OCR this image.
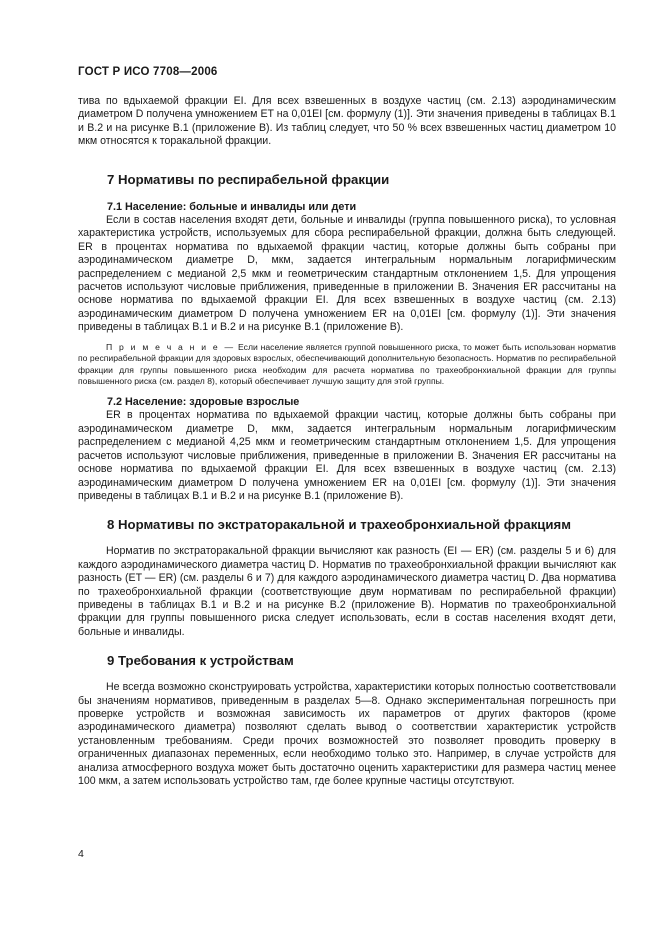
ГОСТ Р ИСО 7708—2006

тива по вдыхаемой фракции EI. Для всех взвешенных в воздухе частиц (см. 2.13) аэродинамическим диаметром D получена умножением ET на 0,01EI [см. формулу (1)]. Эти значения приведены в таблицах В.1 и В.2 и на рисунке В.1 (приложение В). Из таблиц следует, что 50 % всех взвешенных частиц диаметром 10 мкм относятся к торакальной фракции.

7 Нормативы по респирабельной фракции
7.1 Население: больные и инвалиды или дети

Если в состав населения входят дети, больные и инвалиды (группа повышенного риска), то условная характеристика устройств, используемых для сбора респирабельной фракции, должна быть следующей. ER в процентах норматива по вдыхаемой фракции частиц, которые должны быть собраны при аэродинамическом диаметре D, мкм, задается интегральным нормальным логарифмическим распределением с медианой 2,5 мкм и геометрическим стандартным отклонением 1,5. Для упрощения расчетов используют числовые приближения, приведенные в приложении В. Значения ER рассчитаны на основе норматива по вдыхаемой фракции EI. Для всех взвешенных в воздухе частиц (см. 2.13) аэродинамическим диаметром D получена умножением ER на 0,01EI [см. формулу (1)]. Эти значения приведены в таблицах В.1 и В.2 и на рисунке В.1 (приложение В).

П р и м е ч а н и е — Если население является группой повышенного риска, то может быть использован норматив по респирабельной фракции для здоровых взрослых, обеспечивающий дополнительную безопасность. Норматив по респирабельной фракции для группы повышенного риска необходим для расчета норматива по трахеобронхиальной фракции для группы повышенного риска (см. раздел 8), который обеспечивает лучшую защиту для этой группы.

7.2 Население: здоровые взрослые

ER в процентах норматива по вдыхаемой фракции частиц, которые должны быть собраны при аэродинамическом диаметре D, мкм, задается интегральным нормальным логарифмическим распределением с медианой 4,25 мкм и геометрическим стандартным отклонением 1,5. Для упрощения расчетов используют числовые приближения, приведенные в приложении В. Значения ER рассчитаны на основе норматива по вдыхаемой фракции EI. Для всех взвешенных в воздухе частиц (см. 2.13) аэродинамическим диаметром D получена умножением ER на 0,01EI [см. формулу (1)]. Эти значения приведены в таблицах В.1 и В.2 и на рисунке В.1 (приложение В).

8 Нормативы по экстраторакальной и трахеобронхиальной фракциям

Норматив по экстраторакальной фракции вычисляют как разность (EI — ER) (см. разделы 5 и 6) для каждого аэродинамического диаметра частиц D. Норматив по трахеобронхиальной фракции вычисляют как разность (ET — ER) (см. разделы 6 и 7) для каждого аэродинамического диаметра частиц D. Два норматива по трахеобронхиальной фракции (соответствующие двум нормативам по респирабельной фракции) приведены в таблицах В.1 и В.2 и на рисунке В.2 (приложение В). Норматив по трахеобронхиальной фракции для группы повышенного риска следует использовать, если в состав населения входят дети, больные и инвалиды.

9 Требования к устройствам

Не всегда возможно сконструировать устройства, характеристики которых полностью соответствовали бы значениям нормативов, приведенным в разделах 5—8. Однако экспериментальная погрешность при проверке устройств и возможная зависимость их параметров от других факторов (кроме аэродинамического диаметра) позволяют сделать вывод о соответствии характеристик устройств установленным требованиям. Среди прочих возможностей это позволяет проводить проверку в ограниченных диапазонах переменных, если необходимо только это. Например, в случае устройств для анализа атмосферного воздуха может быть достаточно оценить характеристики для размера частиц менее 100 мкм, а затем использовать устройство там, где более крупные частицы отсутствуют.

4
